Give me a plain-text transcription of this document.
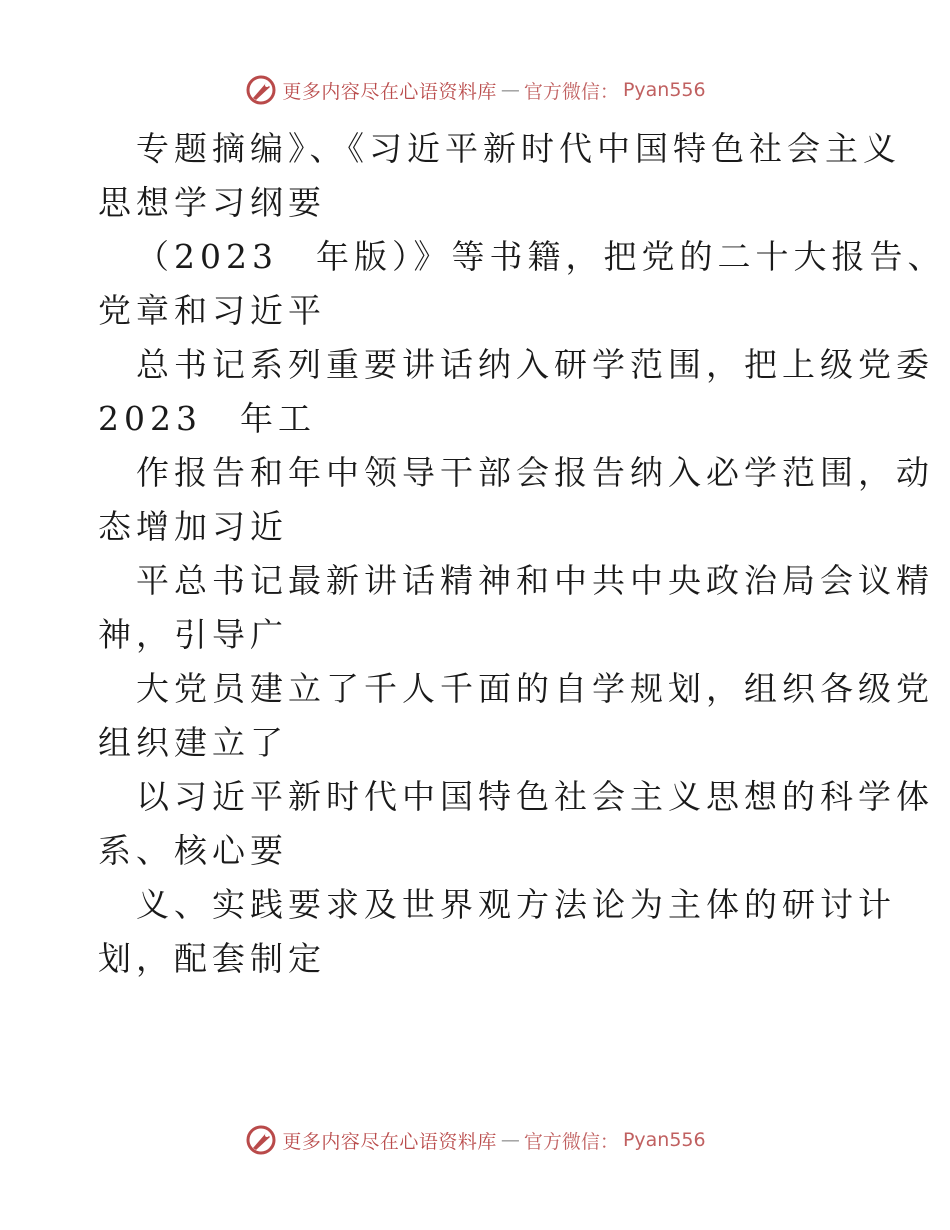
更多内容尽在心语资料库 — 官方微信： Pyan556
专题摘编》、《习近平新时代中国特色社会主义
思想学习纲要
（2023　年版）》等书籍，把党的二十大报告、
党章和习近平
总书记系列重要讲话纳入研学范围，把上级党委
2023　年工
作报告和年中领导干部会报告纳入必学范围，动
态增加习近
平总书记最新讲话精神和中共中央政治局会议精
神，引导广
大党员建立了千人千面的自学规划，组织各级党
组织建立了
以习近平新时代中国特色社会主义思想的科学体
系、核心要
义、实践要求及世界观方法论为主体的研讨计
划，配套制定
更多内容尽在心语资料库 — 官方微信： Pyan556
